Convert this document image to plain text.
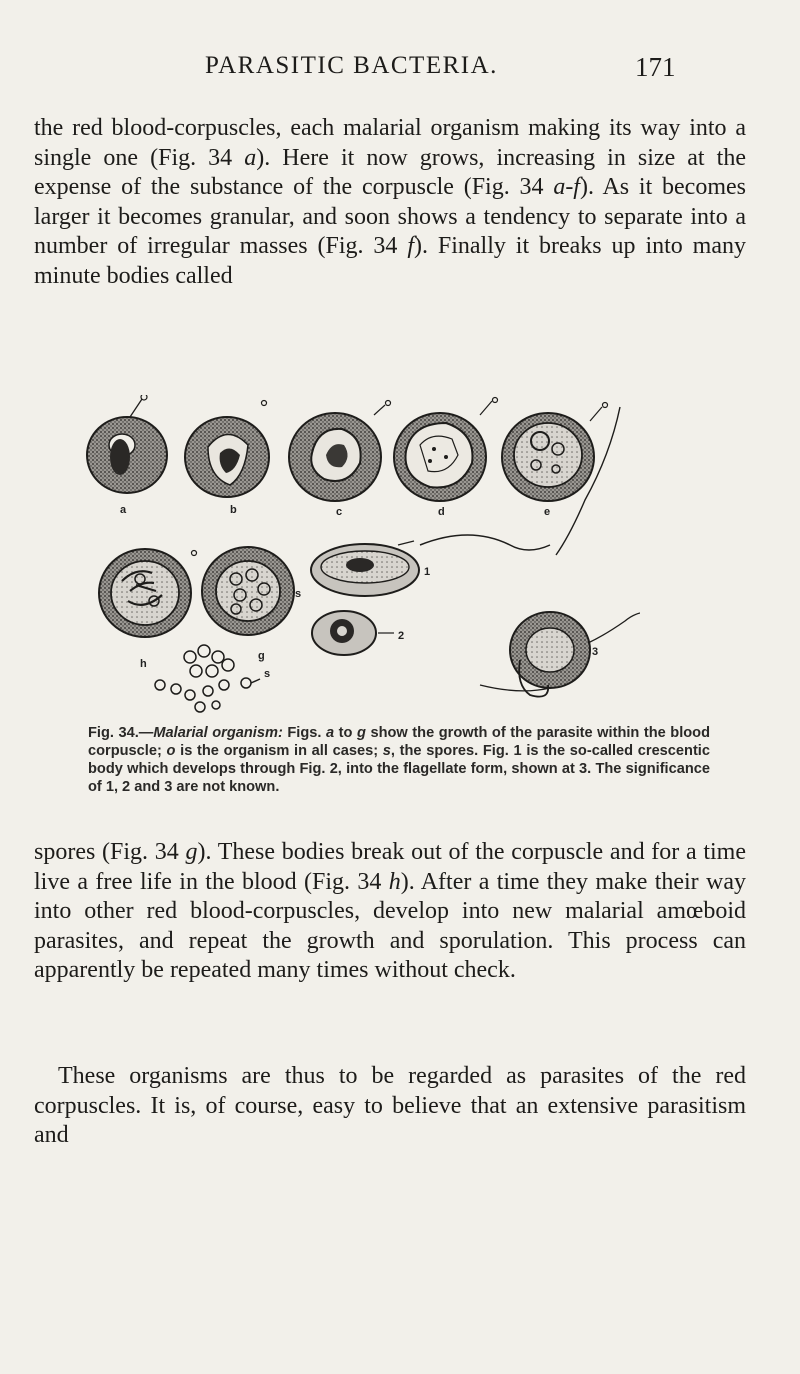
PARASITIC BACTERIA.	171

the red blood-corpuscles, each malarial organism making its way into a single one (Fig. 34 a). Here it now grows, increasing in size at the expense of the substance of the corpuscle (Fig. 34 a-f). As it becomes larger it becomes granular, and soon shows a tendency to separate into a number of irregular masses (Fig. 34 f). Finally it breaks up into many minute bodies called

a	b	c	d	e
s
h
g
s
1
2
3

Fig. 34.—Malarial organism: Figs. a to g show the growth of the parasite within the blood corpuscle; o is the organism in all cases; s, the spores. Fig. 1 is the so-called crescentic body which develops through Fig. 2, into the flagellate form, shown at 3. The significance of 1, 2 and 3 are not known.

spores (Fig. 34 g). These bodies break out of the corpuscle and for a time live a free life in the blood (Fig. 34 h). After a time they make their way into other red blood-corpuscles, develop into new malarial amœboid parasites, and repeat the growth and sporulation. This process can apparently be repeated many times without check.

These organisms are thus to be regarded as parasites of the red corpuscles. It is, of course, easy to believe that an extensive parasitism and
